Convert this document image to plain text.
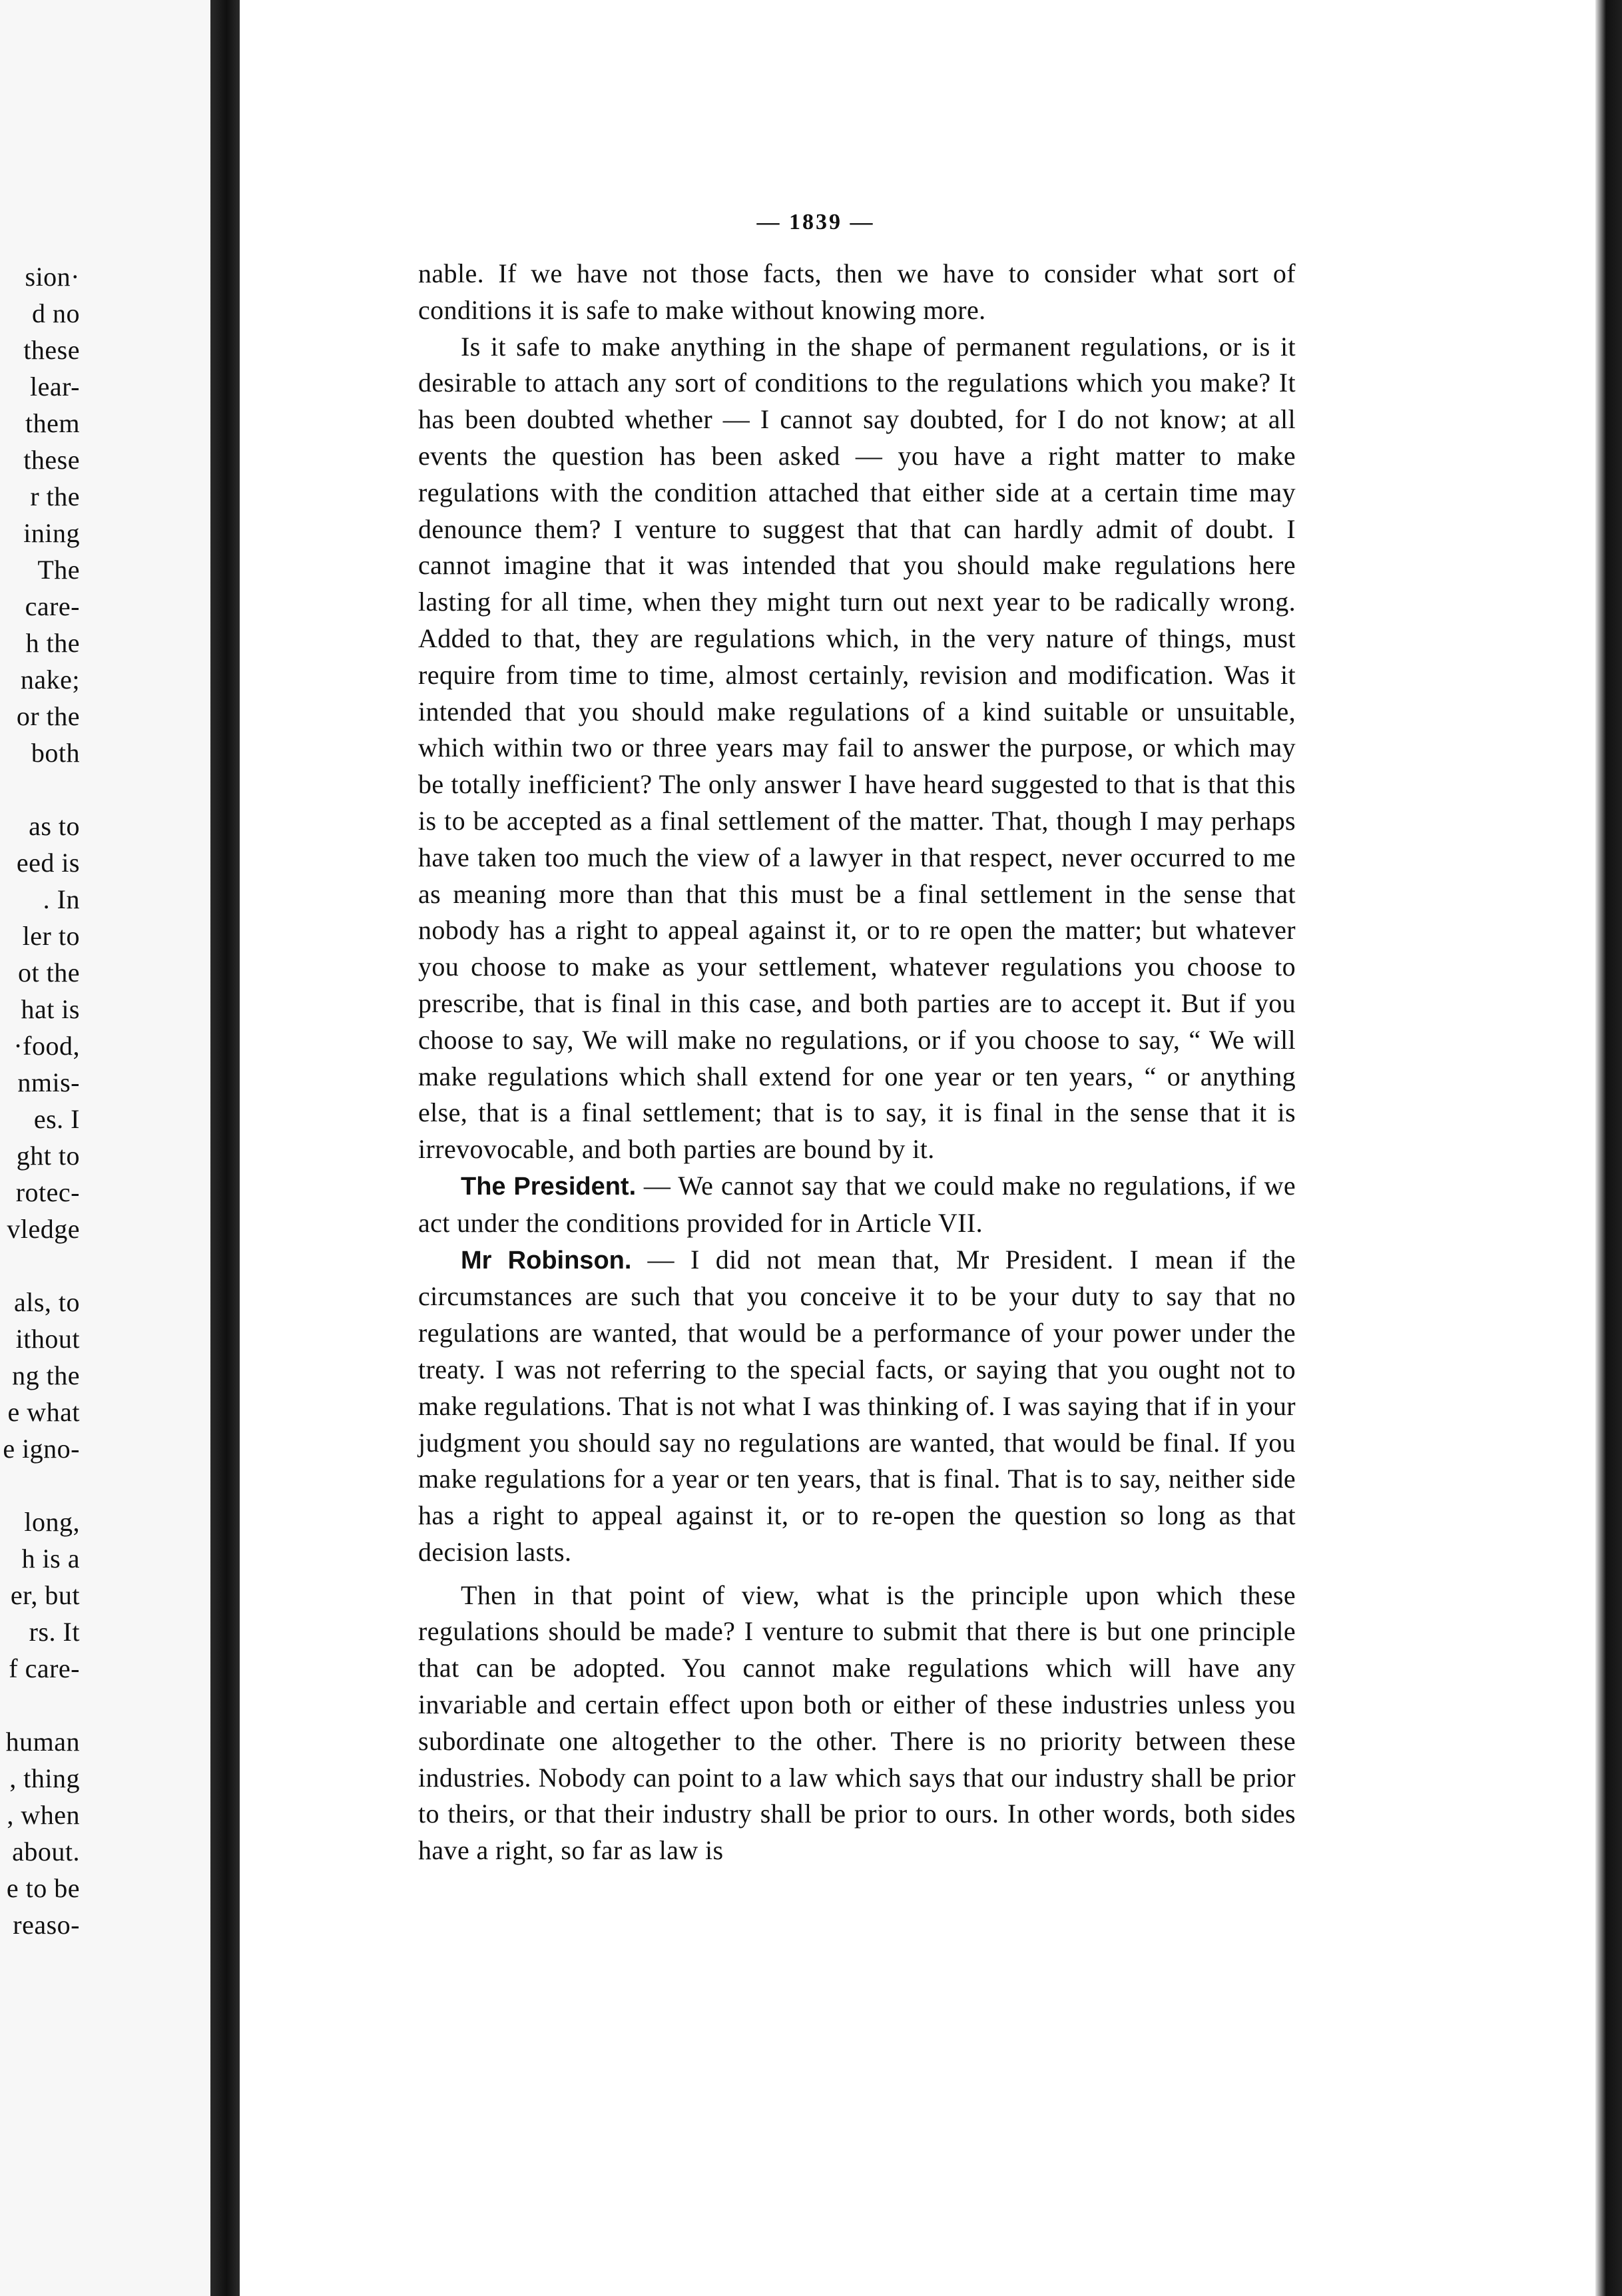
sion·
d no
these
lear-
them
these
r the
ining
The
care-
h the
nake;
or the
both
as to
eed is
. In
ler to
ot the
hat is
·food,
nmis-
es. I
ght to
rotec-
vledge
als, to
ithout
ng the
e what
e igno-
long,
h is a
er, but
rs. It
f care-
human
, thing
, when
about.
e to be
reaso-
— 1839 —

nable. If we have not those facts, then we have to consider what sort of conditions it is safe to make without knowing more.

Is it safe to make anything in the shape of permanent regulations, or is it desirable to attach any sort of conditions to the regulations which you make? It has been doubted whether — I cannot say doubted, for I do not know; at all events the question has been asked — you have a right matter to make regulations with the condition attached that either side at a certain time may denounce them? I venture to suggest that that can hardly admit of doubt. I cannot imagine that it was intended that you should make regulations here lasting for all time, when they might turn out next year to be radically wrong. Added to that, they are regulations which, in the very nature of things, must require from time to time, almost certainly, revision and modification. Was it intended that you should make regulations of a kind suitable or unsuitable, which within two or three years may fail to answer the purpose, or which may be totally inefficient? The only answer I have heard suggested to that is that this is to be accepted as a final settlement of the matter. That, though I may perhaps have taken too much the view of a lawyer in that respect, never occurred to me as meaning more than that this must be a final settlement in the sense that nobody has a right to appeal against it, or to re open the matter; but whatever you choose to make as your settlement, whatever regulations you choose to prescribe, that is final in this case, and both parties are to accept it. But if you choose to say, We will make no regulations, or if you choose to say, “ We will make regulations which shall extend for one year or ten years, “ or anything else, that is a final settlement; that is to say, it is final in the sense that it is irrevovocable, and both parties are bound by it.

The President. — We cannot say that we could make no regulations, if we act under the conditions provided for in Article VII.

Mr Robinson. — I did not mean that, Mr President. I mean if the circumstances are such that you conceive it to be your duty to say that no regulations are wanted, that would be a performance of your power under the treaty. I was not referring to the special facts, or saying that you ought not to make regulations. That is not what I was thinking of. I was saying that if in your judgment you should say no regulations are wanted, that would be final. If you make regulations for a year or ten years, that is final. That is to say, neither side has a right to appeal against it, or to re-open the question so long as that decision lasts.

Then in that point of view, what is the principle upon which these regulations should be made? I venture to submit that there is but one principle that can be adopted. You cannot make regulations which will have any invariable and certain effect upon both or either of these industries unless you subordinate one altogether to the other. There is no priority between these industries. Nobody can point to a law which says that our industry shall be prior to theirs, or that their industry shall be prior to ours. In other words, both sides have a right, so far as law is
